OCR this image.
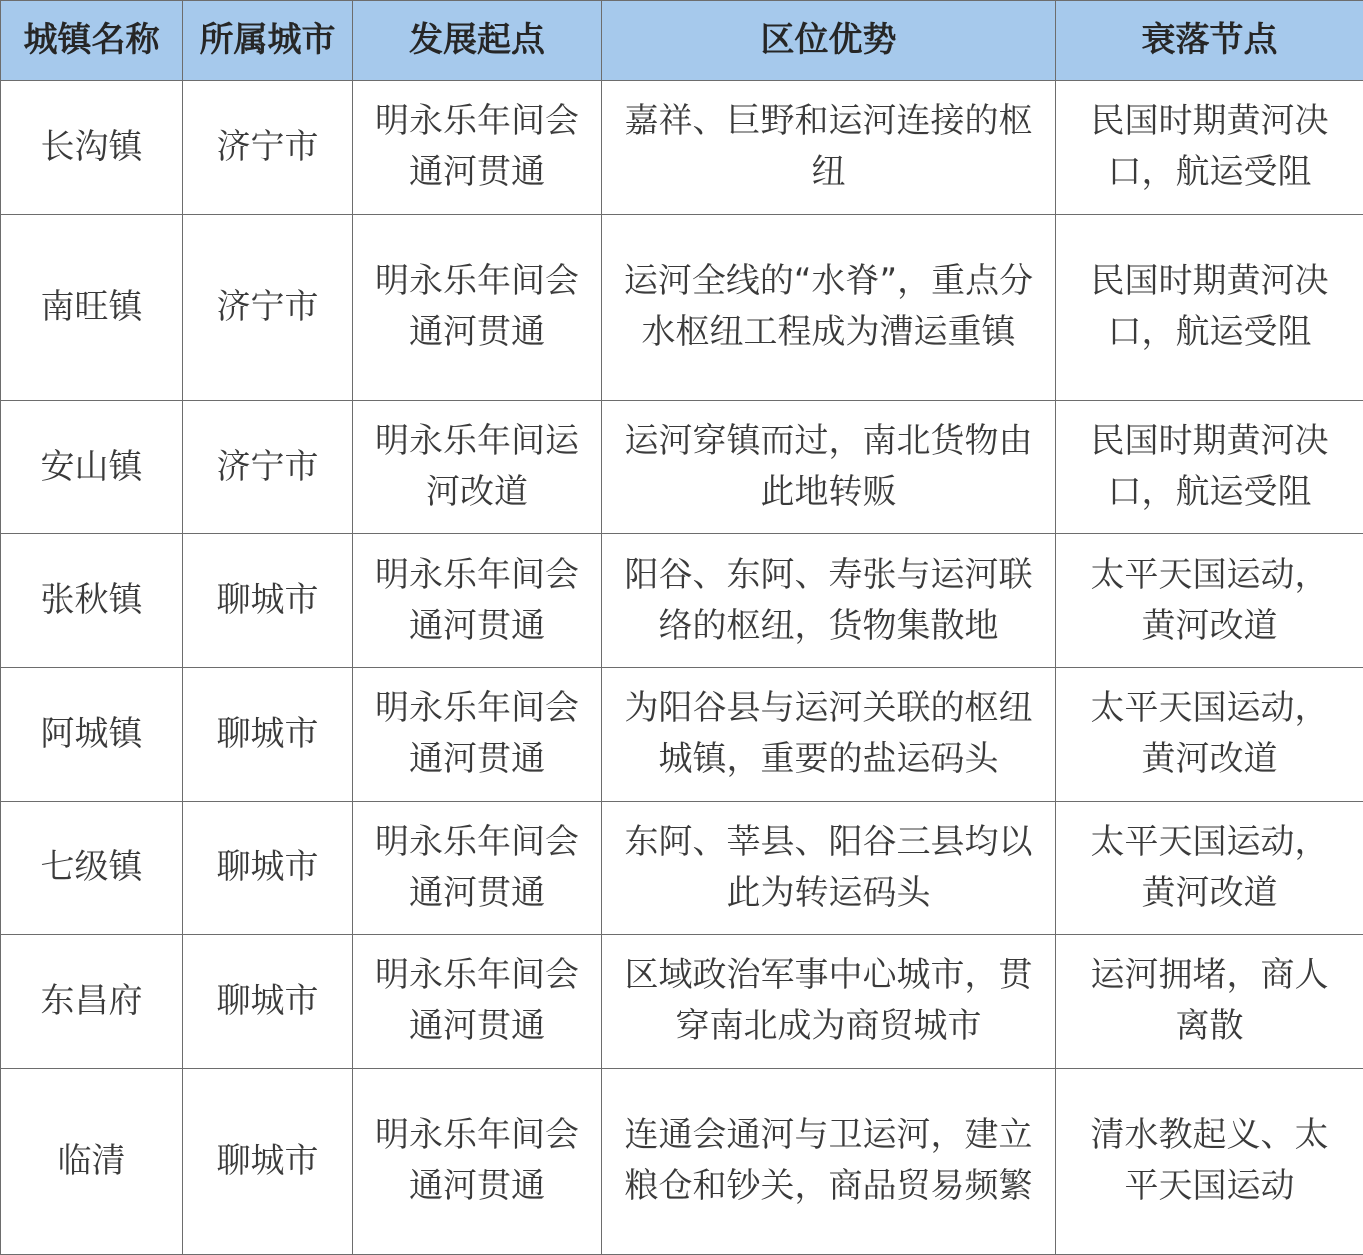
城镇名称	所属城市	发展起点	区位优势	衰落节点
长沟镇	济宁市	明永乐年间会通河贯通	嘉祥、巨野和运河连接的枢纽	民国时期黄河决口，航运受阻
南旺镇	济宁市	明永乐年间会通河贯通	运河全线的“水脊”，重点分水枢纽工程成为漕运重镇	民国时期黄河决口，航运受阻
安山镇	济宁市	明永乐年间运河改道	运河穿镇而过，南北货物由此地转贩	民国时期黄河决口，航运受阻
张秋镇	聊城市	明永乐年间会通河贯通	阳谷、东阿、寿张与运河联络的枢纽，货物集散地	太平天国运动，黄河改道
阿城镇	聊城市	明永乐年间会通河贯通	为阳谷县与运河关联的枢纽城镇，重要的盐运码头	太平天国运动，黄河改道
七级镇	聊城市	明永乐年间会通河贯通	东阿、莘县、阳谷三县均以此为转运码头	太平天国运动，黄河改道
东昌府	聊城市	明永乐年间会通河贯通	区域政治军事中心城市，贯穿南北成为商贸城市	运河拥堵，商人离散
临清	聊城市	明永乐年间会通河贯通	连通会通河与卫运河，建立粮仓和钞关，商品贸易频繁	清水教起义、太平天国运动
